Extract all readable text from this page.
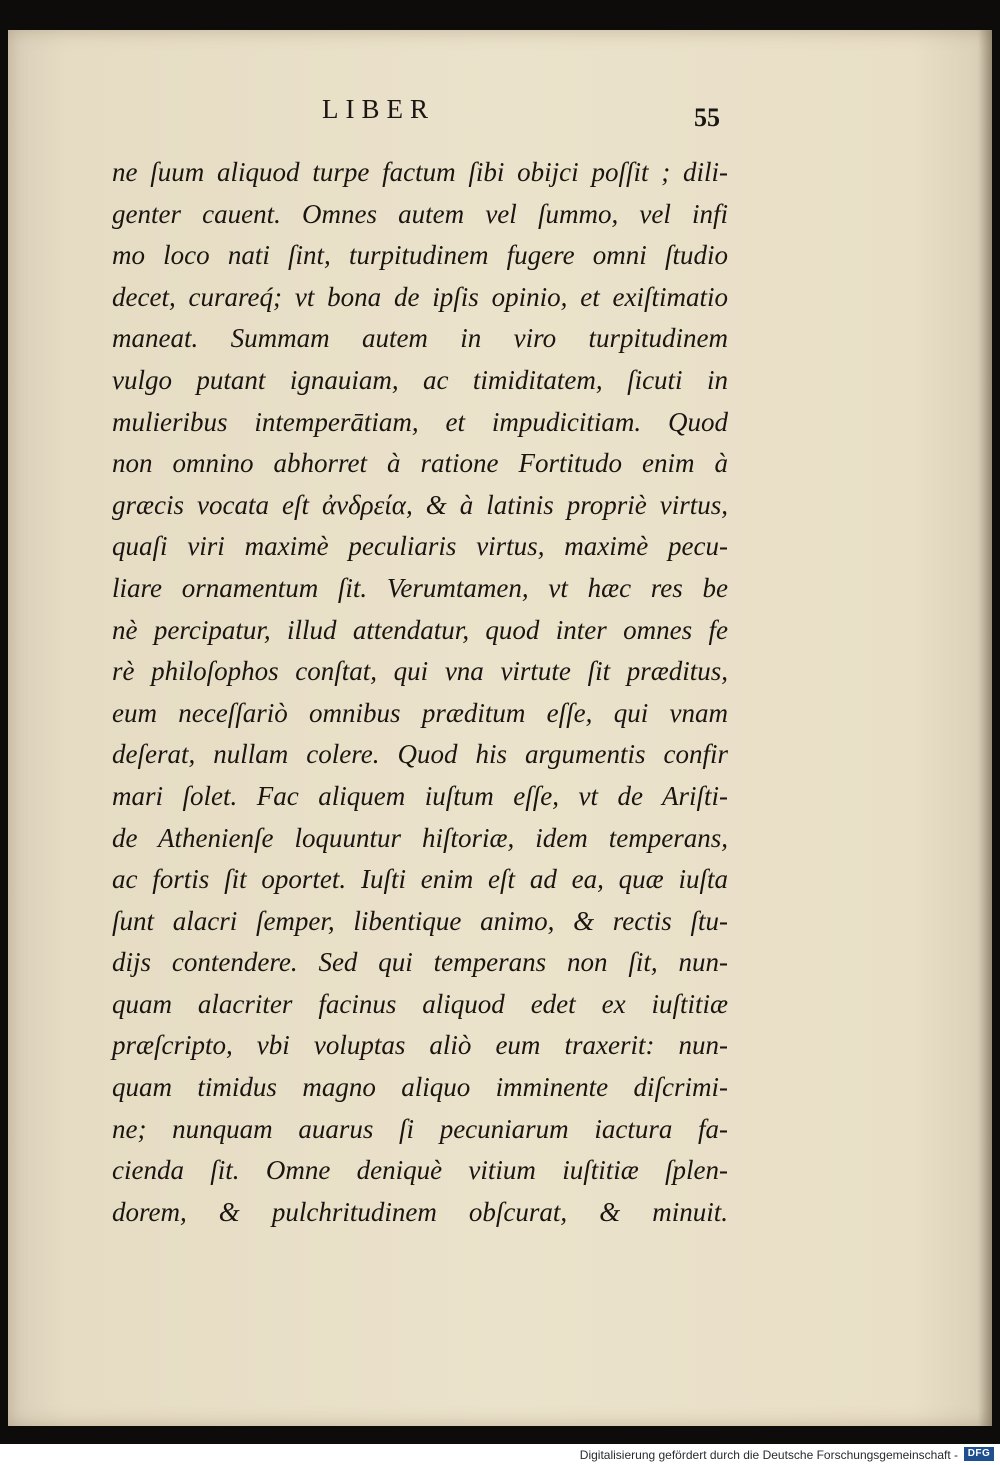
LIBER	55
ne ſuum aliquod turpe factum ſibi obijci poſſit ; dili-
genter cauent. Omnes autem vel ſummo, vel infi
mo loco nati ſint, turpitudinem fugere omni ſtudio
decet, curareq́; vt bona de ipſis opinio, et exiſtimatio
maneat. Summam autem in viro turpitudinem
vulgo putant ignauiam, ac timiditatem, ſicuti in
mulieribus intemperātiam, et impudicitiam. Quod
non omnino abhorret à ratione Fortitudo enim à
græcis vocata eſt ἀνδρεία, & à latinis propriè virtus,
quaſi viri maximè peculiaris virtus, maximè pecu-
liare ornamentum ſit. Verumtamen, vt hæc res be
nè percipatur, illud attendatur, quod inter omnes fe
rè philoſophos conſtat, qui vna virtute ſit præditus,
eum neceſſariò omnibus præditum eſſe, qui vnam
deſerat, nullam colere. Quod his argumentis confir
mari ſolet. Fac aliquem iuſtum eſſe, vt de Ariſti-
de Athenienſe loquuntur hiſtoriæ, idem temperans,
ac fortis ſit oportet. Iuſti enim eſt ad ea, quæ iuſta
ſunt alacri ſemper, libentique animo, & rectis ſtu-
dijs contendere. Sed qui temperans non ſit, nun-
quam alacriter facinus aliquod edet ex iuſtitiæ
præſcripto, vbi voluptas aliò eum traxerit: nun-
quam timidus magno aliquo imminente diſcrimi-
ne; nunquam auarus ſi pecuniarum iactura fa-
cienda ſit. Omne deniquè vitium iuſtitiæ ſplen-
dorem, & pulchritudinem obſcurat, & minuit.
Digitalisierung gefördert durch die Deutsche Forschungsgemeinschaft - DFG
